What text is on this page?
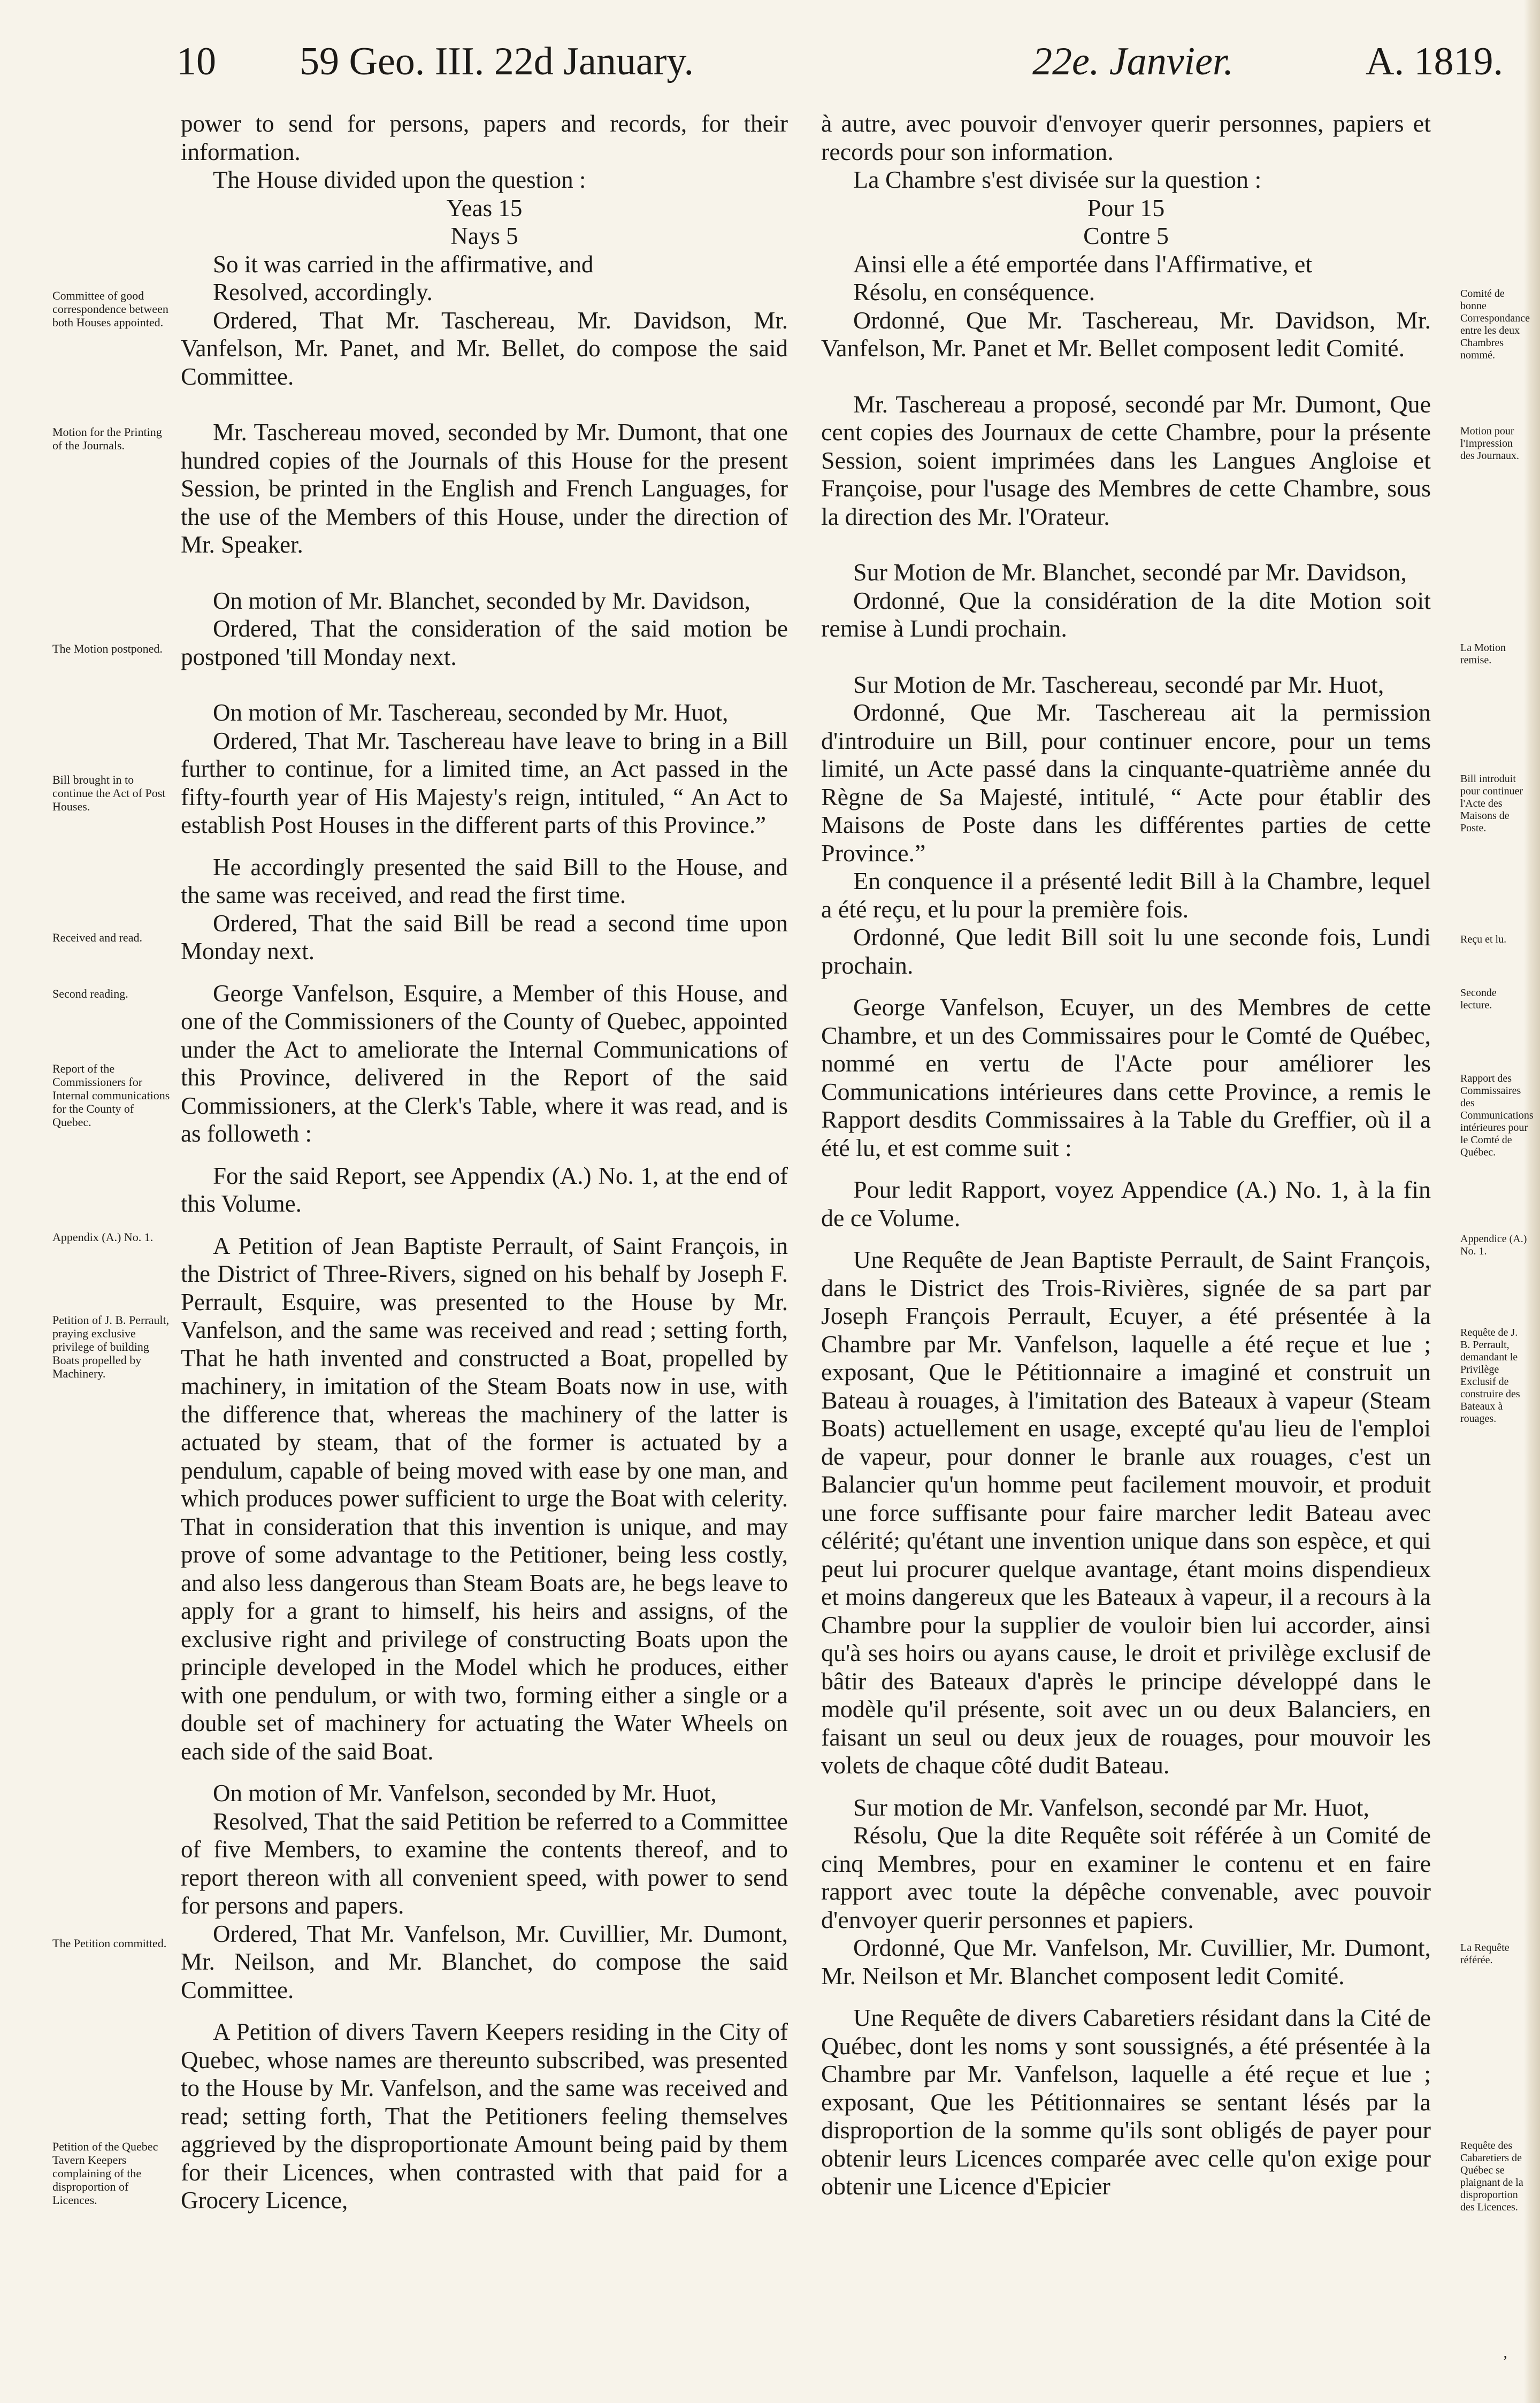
10 59 Geo. III. 22d January.	22e. Janvier.	A. 1819.

power to send for persons, papers and records, for their information.

The House divided upon the question :

Yeas 15

Nays 5

So it was carried in the affirmative, and

Resolved, accordingly.

Ordered, That Mr. Taschereau, Mr. Davidson, Mr. Vanfelson, Mr. Panet, and Mr. Bellet, do compose the said Committee.

Mr. Taschereau moved, seconded by Mr. Dumont, that one hundred copies of the Journals of this House for the present Session, be printed in the English and French Languages, for the use of the Members of this House, under the direction of Mr. Speaker.

On motion of Mr. Blanchet, seconded by Mr. Davidson,

Ordered, That the consideration of the said motion be postponed 'till Monday next.

On motion of Mr. Taschereau, seconded by Mr. Huot,

Ordered, That Mr. Taschereau have leave to bring in a Bill further to continue, for a limited time, an Act passed in the fifty-fourth year of His Majesty's reign, intituled, “ An Act to establish Post Houses in the different parts of this Province.”

He accordingly presented the said Bill to the House, and the same was received, and read the first time.

Ordered, That the said Bill be read a second time upon Monday next.

George Vanfelson, Esquire, a Member of this House, and one of the Commissioners of the County of Quebec, appointed under the Act to ameliorate the Internal Communications of this Province, delivered in the Report of the said Commissioners, at the Clerk's Table, where it was read, and is as followeth :

For the said Report, see Appendix (A.) No. 1, at the end of this Volume.

A Petition of Jean Baptiste Perrault, of Saint François, in the District of Three-Rivers, signed on his behalf by Joseph F. Perrault, Esquire, was presented to the House by Mr. Vanfelson, and the same was received and read ; setting forth, That he hath invented and constructed a Boat, propelled by machinery, in imitation of the Steam Boats now in use, with the difference that, whereas the machinery of the latter is actuated by steam, that of the former is actuated by a pendulum, capable of being moved with ease by one man, and which produces power sufficient to urge the Boat with celerity. That in consideration that this invention is unique, and may prove of some advantage to the Petitioner, being less costly, and also less dangerous than Steam Boats are, he begs leave to apply for a grant to himself, his heirs and assigns, of the exclusive right and privilege of constructing Boats upon the principle developed in the Model which he produces, either with one pendulum, or with two, forming either a single or a double set of machinery for actuating the Water Wheels on each side of the said Boat.

On motion of Mr. Vanfelson, seconded by Mr. Huot,

Resolved, That the said Petition be referred to a Committee of five Members, to examine the contents thereof, and to report thereon with all convenient speed, with power to send for persons and papers.

Ordered, That Mr. Vanfelson, Mr. Cuvillier, Mr. Dumont, Mr. Neilson, and Mr. Blanchet, do compose the said Committee.

A Petition of divers Tavern Keepers residing in the City of Quebec, whose names are thereunto subscribed, was presented to the House by Mr. Vanfelson, and the same was received and read; setting forth, That the Petitioners feeling themselves aggrieved by the disproportionate Amount being paid by them for their Licences, when contrasted with that paid for a Grocery Licence,

à autre, avec pouvoir d'envoyer querir personnes, papiers et records pour son information.

La Chambre s'est divisée sur la question :

Pour 15

Contre 5

Ainsi elle a été emportée dans l'Affirmative, et

Résolu, en conséquence.

Ordonné, Que Mr. Taschereau, Mr. Davidson, Mr. Vanfelson, Mr. Panet et Mr. Bellet composent ledit Comité.

Mr. Taschereau a proposé, secondé par Mr. Dumont, Que cent copies des Journaux de cette Chambre, pour la présente Session, soient imprimées dans les Langues Angloise et Françoise, pour l'usage des Membres de cette Chambre, sous la direction des Mr. l'Orateur.

Sur Motion de Mr. Blanchet, secondé par Mr. Davidson,

Ordonné, Que la considération de la dite Motion soit remise à Lundi prochain.

Sur Motion de Mr. Taschereau, secondé par Mr. Huot,

Ordonné, Que Mr. Taschereau ait la permission d'introduire un Bill, pour continuer encore, pour un tems limité, un Acte passé dans la cinquante-quatrième année du Règne de Sa Majesté, intitulé, “ Acte pour établir des Maisons de Poste dans les différentes parties de cette Province.”

En conquence il a présenté ledit Bill à la Chambre, lequel a été reçu, et lu pour la première fois.

Ordonné, Que ledit Bill soit lu une seconde fois, Lundi prochain.

George Vanfelson, Ecuyer, un des Membres de cette Chambre, et un des Commissaires pour le Comté de Québec, nommé en vertu de l'Acte pour améliorer les Communications intérieures dans cette Province, a remis le Rapport desdits Commissaires à la Table du Greffier, où il a été lu, et est comme suit :

Pour ledit Rapport, voyez Appendice (A.) No. 1, à la fin de ce Volume.

Une Requête de Jean Baptiste Perrault, de Saint François, dans le District des Trois-Rivières, signée de sa part par Joseph François Perrault, Ecuyer, a été présentée à la Chambre par Mr. Vanfelson, laquelle a été reçue et lue ; exposant, Que le Pétitionnaire a imaginé et construit un Bateau à rouages, à l'imitation des Bateaux à vapeur (Steam Boats) actuellement en usage, excepté qu'au lieu de l'emploi de vapeur, pour donner le branle aux rouages, c'est un Balancier qu'un homme peut facilement mouvoir, et produit une force suffisante pour faire marcher ledit Bateau avec célérité; qu'étant une invention unique dans son espèce, et qui peut lui procurer quelque avantage, étant moins dispendieux et moins dangereux que les Bateaux à vapeur, il a recours à la Chambre pour la supplier de vouloir bien lui accorder, ainsi qu'à ses hoirs ou ayans cause, le droit et privilège exclusif de bâtir des Bateaux d'après le principe développé dans le modèle qu'il présente, soit avec un ou deux Balanciers, en faisant un seul ou deux jeux de rouages, pour mouvoir les volets de chaque côté dudit Bateau.

Sur motion de Mr. Vanfelson, secondé par Mr. Huot,

Résolu, Que la dite Requête soit référée à un Comité de cinq Membres, pour en examiner le contenu et en faire rapport avec toute la dépêche convenable, avec pouvoir d'envoyer querir personnes et papiers.

Ordonné, Que Mr. Vanfelson, Mr. Cuvillier, Mr. Dumont, Mr. Neilson et Mr. Blanchet composent ledit Comité.

Une Requête de divers Cabaretiers résidant dans la Cité de Québec, dont les noms y sont soussignés, a été présentée à la Chambre par Mr. Vanfelson, laquelle a été reçue et lue ; exposant, Que les Pétitionnaires se sentant lésés par la disproportion de la somme qu'ils sont obligés de payer pour obtenir leurs Licences comparée avec celle qu'on exige pour obtenir une Licence d'Epicier

Committee of good correspondence between both Houses appointed.
Motion for the Printing of the Journals.
The Motion postponed.
Bill brought in to continue the Act of Post Houses.
Received and read.
Second reading.
Report of the Commissioners for Internal communications for the County of Quebec.
Appendix (A.) No. 1.
Petition of J. B. Perrault, praying exclusive privilege of building Boats propelled by Machinery.
The Petition committed.
Petition of the Quebec Tavern Keepers complaining of the disproportion of Licences.
Comité de bonne Correspondance entre les deux Chambres nommé.
Motion pour l'Impression des Journaux.
La Motion remise.
Bill introduit pour continuer l'Acte des Maisons de Poste.
Reçu et lu.
Seconde lecture.
Rapport des Commissaires des Communications intérieures pour le Comté de Québec.
Appendice (A.) No. 1.
Requête de J. B. Perrault, demandant le Privilège Exclusif de construire des Bateaux à rouages.
La Requête référée.
Requête des Cabaretiers de Québec se plaignant de la disproportion des Licences.
ʼ
